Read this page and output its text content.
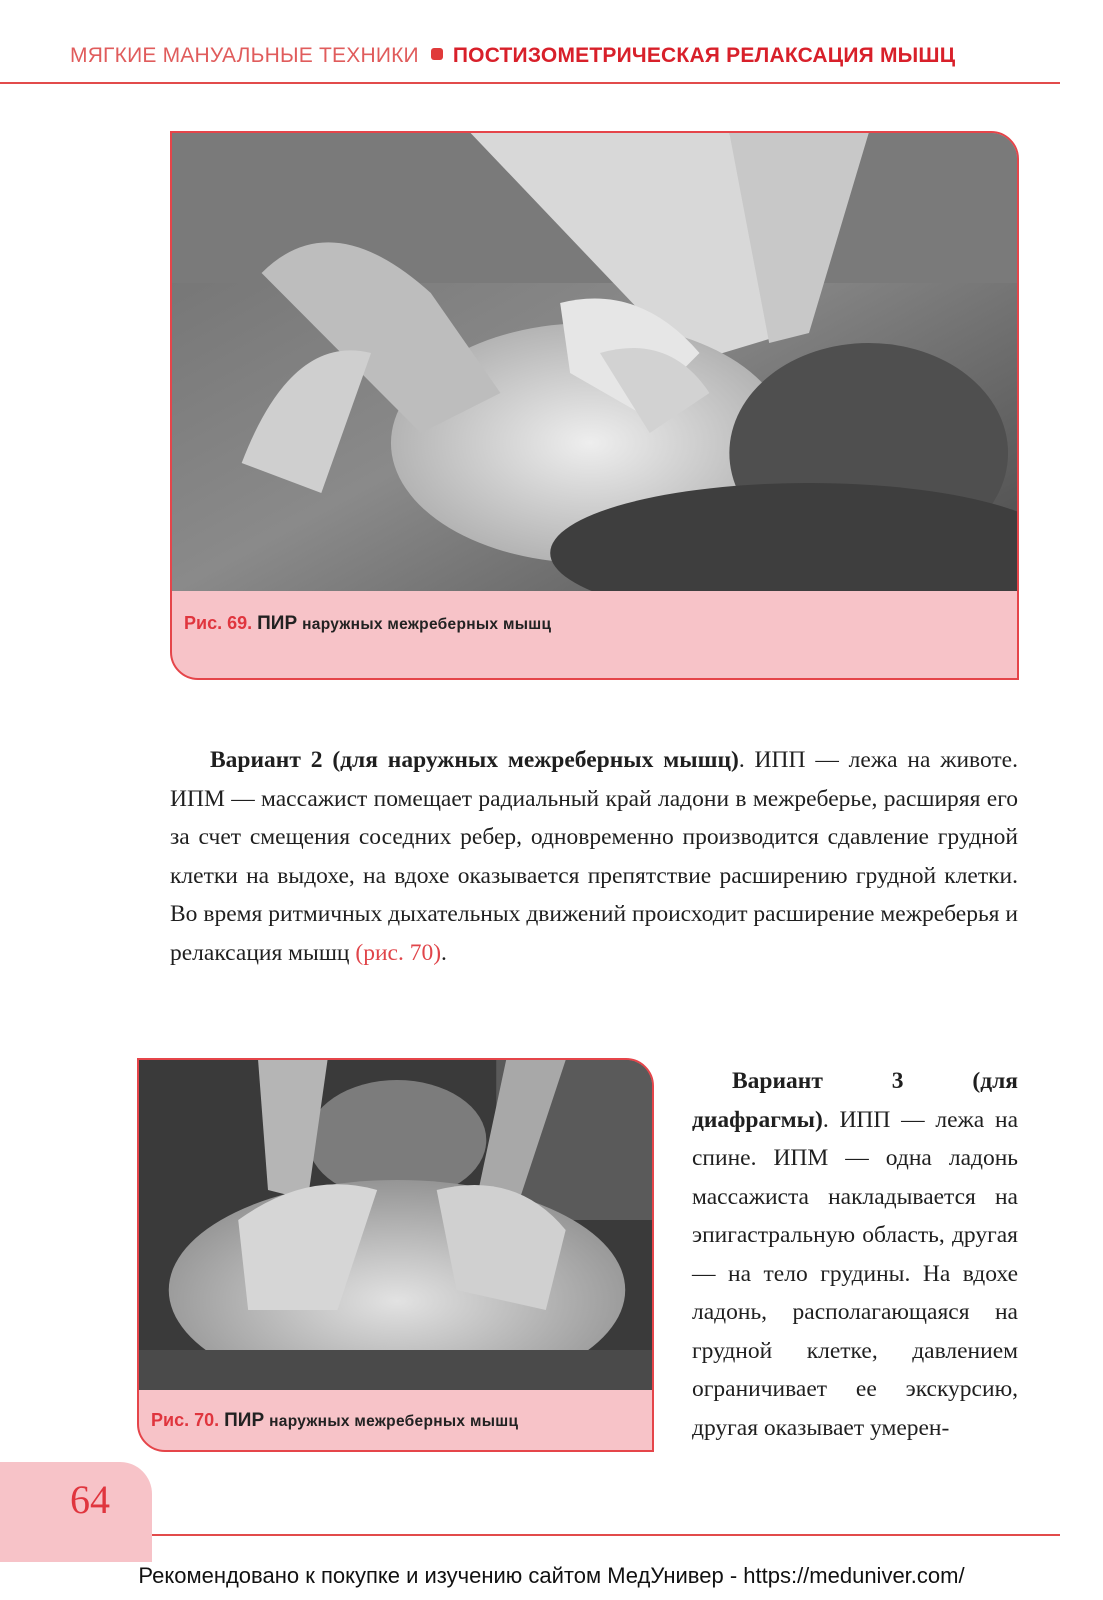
МЯГКИЕ МАНУАЛЬНЫЕ ТЕХНИКИ ПОСТИЗОМЕТРИЧЕСКАЯ РЕЛАКСАЦИЯ МЫШЦ
Рис. 69. ПИР наружных межреберных мышц

Вариант 2 (для наружных межреберных мышц). ИПП — лежа на животе. ИПМ — массажист помещает радиальный край ладони в межреберье, расширяя его за счет смещения соседних ребер, одновременно производится сдавление грудной клетки на выдохе, на вдохе оказывается препятствие расширению грудной клетки. Во время ритмичных дыхательных движений происходит расширение межреберья и релаксация мышц (рис. 70).

Рис. 70. ПИР наружных межреберных мышц

Вариант 3 (для диафрагмы). ИПП — лежа на спине. ИПМ — одна ладонь массажиста накладывается на эпигастральную область, другая — на тело грудины. На вдохе ладонь, располагающаяся на грудной клетке, давлением ограничивает ее экскурсию, другая оказывает умерен-

64
Рекомендовано к покупке и изучению сайтом МедУнивер - https://meduniver.com/
